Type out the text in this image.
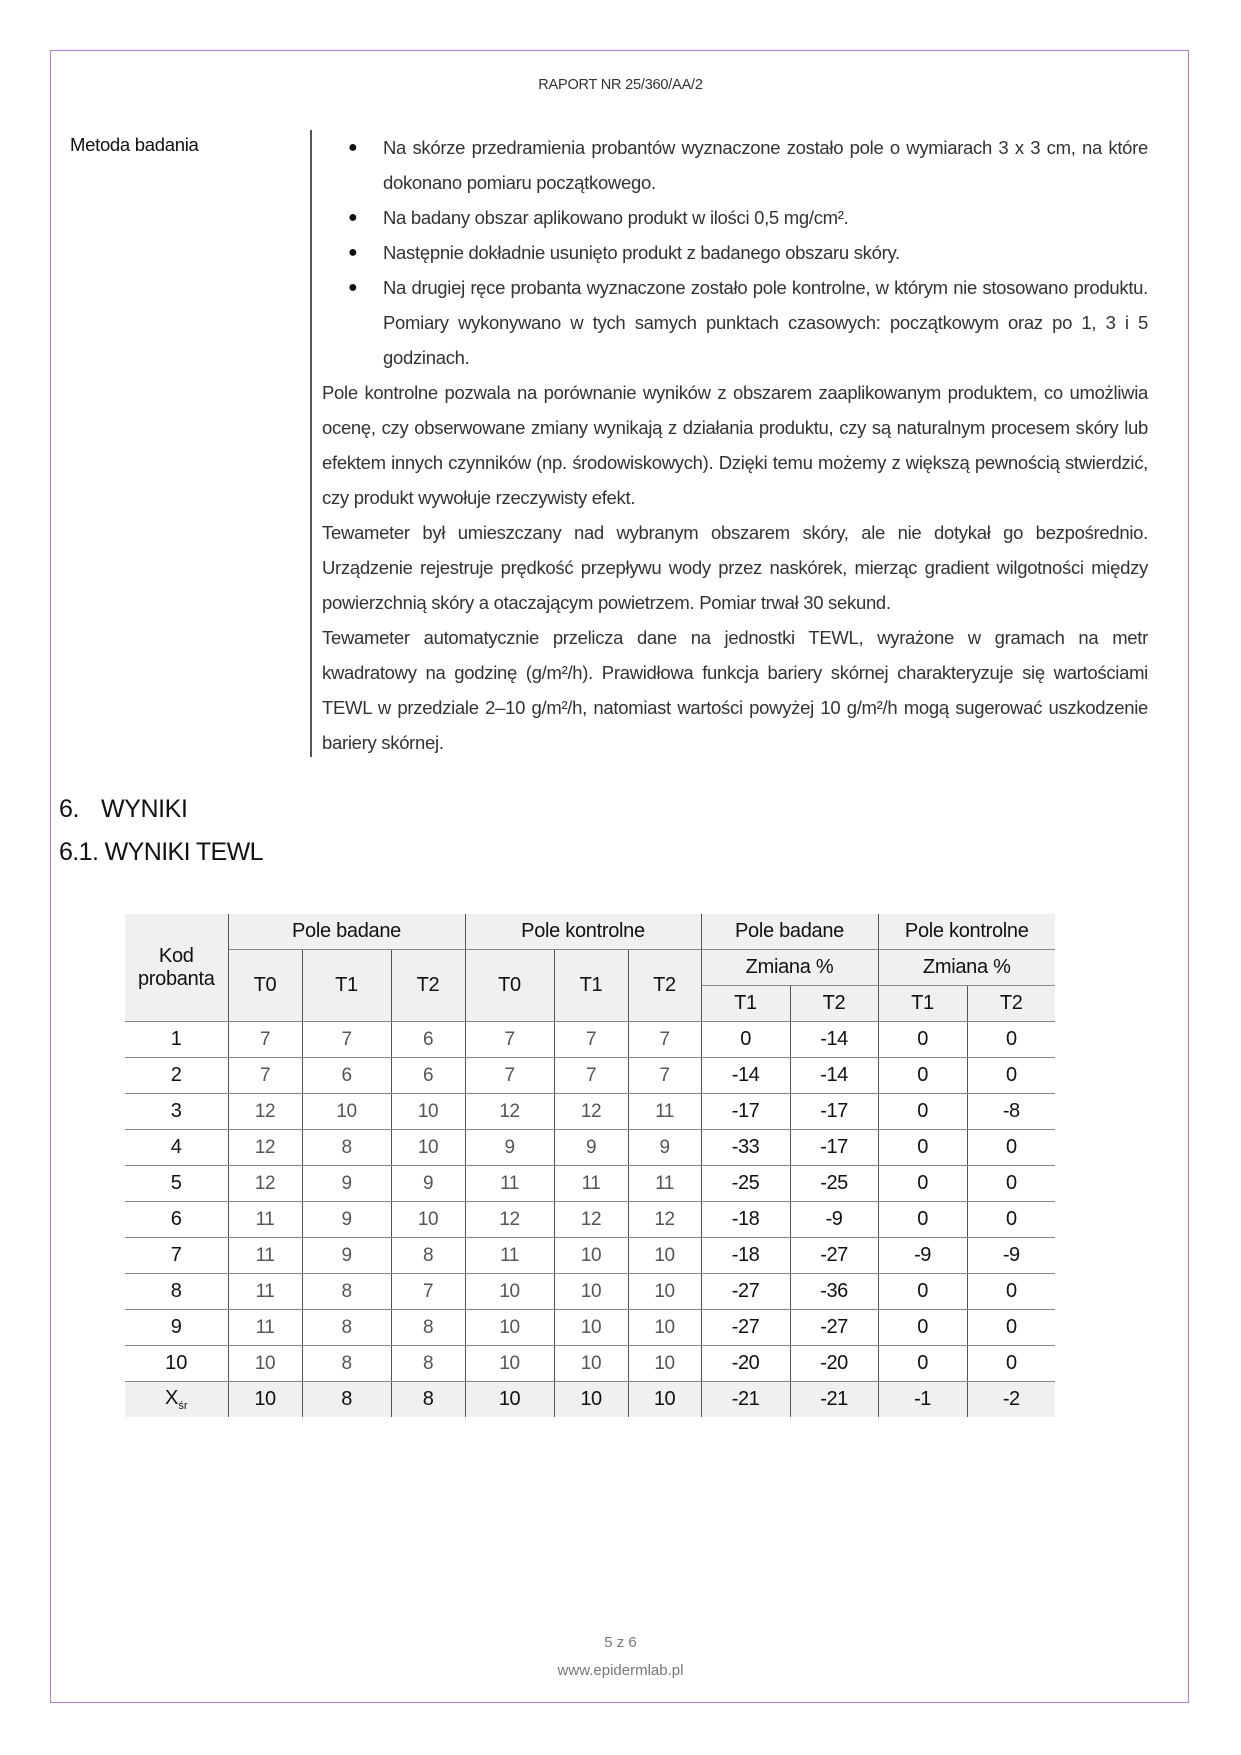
RAPORT NR 25/360/AA/2
Metoda badania	● Na skórze przedramienia probantów wyznaczone zostało pole o wymiarach 3 x 3 cm, na które dokonano pomiaru początkowego.
● Na badany obszar aplikowano produkt w ilości 0,5 mg/cm².
● Następnie dokładnie usunięto produkt z badanego obszaru skóry.
● Na drugiej ręce probanta wyznaczone zostało pole kontrolne, w którym nie stosowano produktu. Pomiary wykonywano w tych samych punktach czasowych: początkowym oraz po 1, 3 i 5 godzinach.

Pole kontrolne pozwala na porównanie wyników z obszarem zaaplikowanym produktem, co umożliwia ocenę, czy obserwowane zmiany wynikają z działania produktu, czy są naturalnym procesem skóry lub efektem innych czynników (np. środowiskowych). Dzięki temu możemy z większą pewnością stwierdzić, czy produkt wywołuje rzeczywisty efekt.

Tewameter był umieszczany nad wybranym obszarem skóry, ale nie dotykał go bezpośrednio. Urządzenie rejestruje prędkość przepływu wody przez naskórek, mierząc gradient wilgotności między powierzchnią skóry a otaczającym powietrzem. Pomiar trwał 30 sekund.

Tewameter automatycznie przelicza dane na jednostki TEWL, wyrażone w gramach na metr kwadratowy na godzinę (g/m²/h). Prawidłowa funkcja bariery skórnej charakteryzuje się wartościami TEWL w przedziale 2–10 g/m²/h, natomiast wartości powyżej 10 g/m²/h mogą sugerować uszkodzenie bariery skórnej.

6. WYNIKI
6.1. WYNIKI TEWL
Kod
probanta	Pole badane			Pole kontrolne			Pole badane		Pole kontrolne	
	T0	T1	T2	T0	T1	T2	Zmiana %		Zmiana %	
							T1	T2	T1	T2
1	7	7	6	7	7	7	0	-14	0	0
2	7	6	6	7	7	7	-14	-14	0	0
3	12	10	10	12	12	11	-17	-17	0	-8
4	12	8	10	9	9	9	-33	-17	0	0
5	12	9	9	11	11	11	-25	-25	0	0
6	11	9	10	12	12	12	-18	-9	0	0
7	11	9	8	11	10	10	-18	-27	-9	-9
8	11	8	7	10	10	10	-27	-36	0	0
9	11	8	8	10	10	10	-27	-27	0	0
10	10	8	8	10	10	10	-20	-20	0	0
$X_{śr}$	10	8	8	10	10	10	-21	-21	-1	-2
5 z 6
www.epidermlab.pl
